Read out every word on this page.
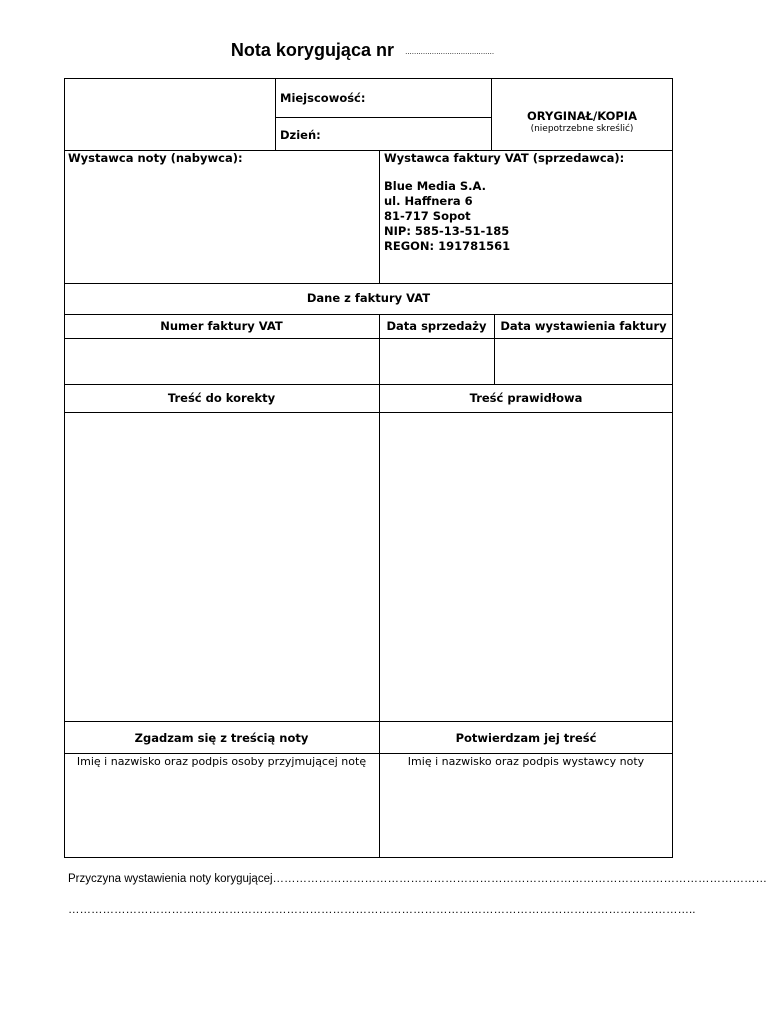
Nota korygująca nr ........................................
Miejscowość:
Dzień:
ORYGINAŁ/KOPIA
(niepotrzebne skreślić)
Wystawca noty (nabywca):	Wystawca faktury VAT (sprzedawca):
Blue Media S.A.
ul. Haffnera 6
81-717 Sopot
NIP: 585-13-51-185
REGON: 191781561
Dane z faktury VAT
Numer faktury VAT	Data sprzedaży	Data wystawienia faktury
Treść do korekty	Treść prawidłowa
Zgadzam się z treścią noty	Potwierdzam jej treść
Imię i nazwisko oraz podpis osoby przyjmującej notę	Imię i nazwisko oraz podpis wystawcy noty
Przyczyna wystawienia noty korygującej…………………………………………………………………………………………………………………
………………………………………………………………………………………………………………………………………………..
